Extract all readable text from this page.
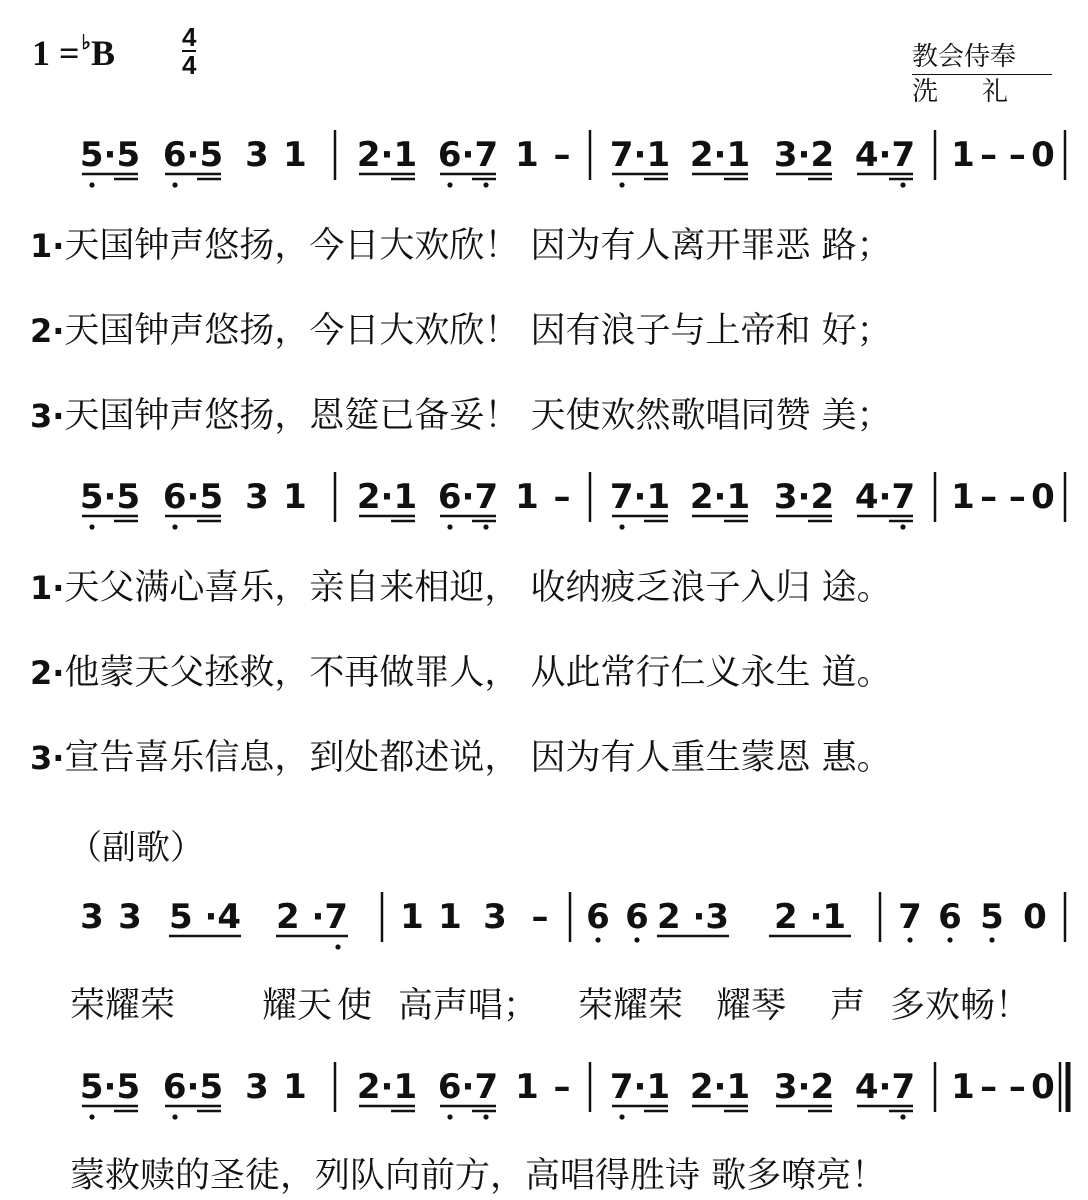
1 = ♭B	4
4	教会侍奉
洗礼
5·5 6·5 3 1 2·1 6·7 1 – 7·1 2·1 3·2 4·7 1 – – 0
1·天国钟声悠扬，今日大欢欣！ 因为有人离开罪恶 路；
2·天国钟声悠扬，今日大欢欣！ 因有浪子与上帝和 好；
3·天国钟声悠扬，恩筵已备妥！ 天使欢然歌唱同赞 美；
5·5 6·5 3 1 2·1 6·7 1 – 7·1 2·1 3·2 4·7 1 – – 0
1·天父满心喜乐，亲自来相迎， 收纳疲乏浪子入归 途。
2·他蒙天父拯救，不再做罪人， 从此常行仁义永生 道。
3·宣告喜乐信息，到处都述说， 因为有人重生蒙恩 惠。
（副歌）
3 3 5 ·4 2 ·7 1 1 3 – 6 6 2 ·3 2 ·1 7 6 5 0
荣耀荣 耀天 使 高声唱； 荣耀荣 耀琴 声 多欢畅！
5·5 6·5 3 1 2·1 6·7 1 – 7·1 2·1 3·2 4·7 1 – – 0
蒙救赎的圣徒，列队向前方，高唱得胜诗 歌多嘹亮！
